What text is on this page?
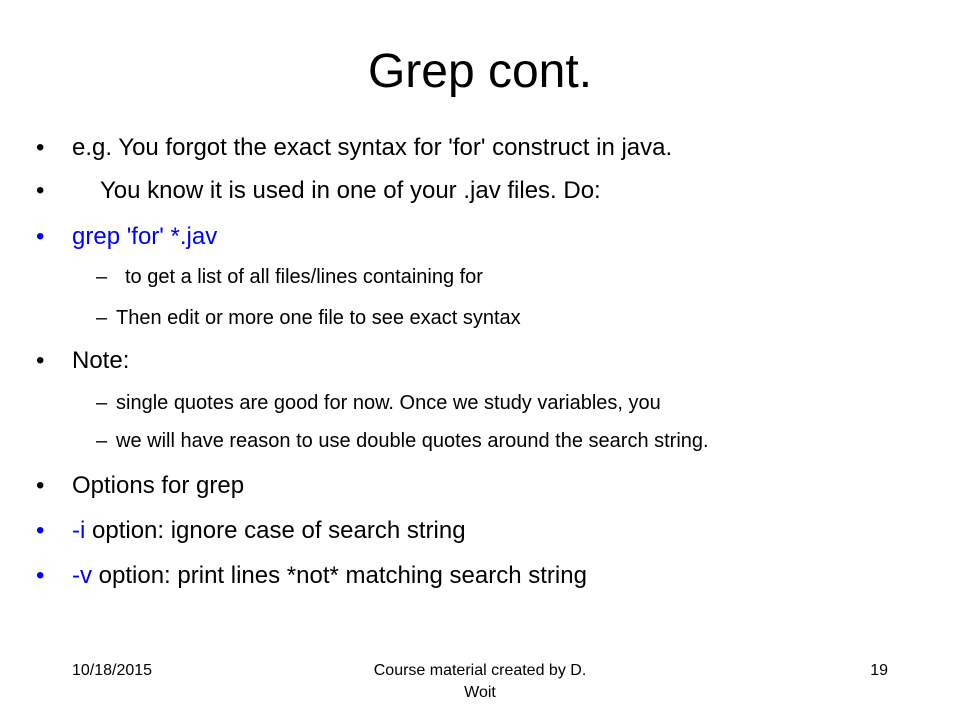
Grep cont.
• e.g. You forgot the exact syntax for 'for' construct in java.
• You know it is used in one of your .jav files. Do:
• grep 'for' *.jav
– to get a list of all files/lines containing for
– Then edit or more one file to see exact syntax
• Note:
– single quotes are good for now. Once we study variables, you
– we will have reason to use double quotes around the search string.
• Options for grep
• -i option: ignore case of search string
• -v option: print lines *not* matching search string
10/18/2015	Course material created by D.
Woit
19
